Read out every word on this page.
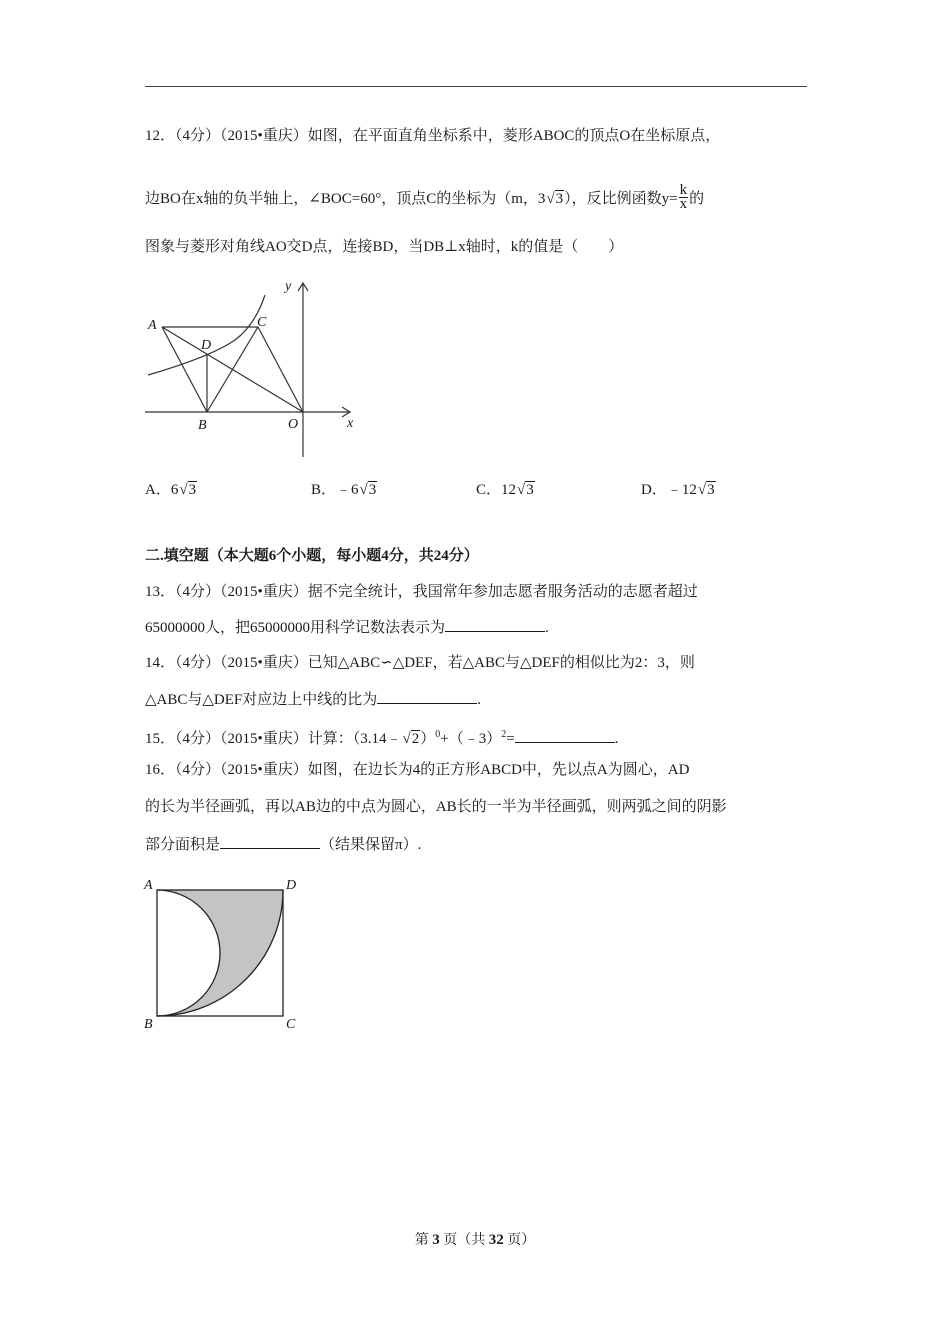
12．（4分）（2015•重庆）如图，在平面直角坐标系中，菱形ABOC的顶点O在坐标原点，
边BO在x轴的负半轴上，∠BOC=60°，顶点C的坐标为（m，3√3），反比例函数$y= \frac{k}{x}$ 的
图象与菱形对角线AO交D点，连接BD，当DB⊥x轴时，k的值是（　　）
y
x
A	C
D
B	O
A．6√3	B．﹣6√3	C．12√3	D．﹣12√3
二.填空题（本大题6个小题，每小题4分，共24分）
13．（4分）（2015•重庆）据不完全统计，我国常年参加志愿者服务活动的志愿者超过
65000000人，把65000000用科学记数法表示为	.
14．（4分）（2015•重庆）已知△ABC∽△DEF，若△ABC与△DEF的相似比为2：3，则
△ABC与△DEF对应边上中线的比为	.
15．（4分）（2015•重庆）计算：（3.14﹣√2）$^0$+（﹣3）$^2$=	.
16．（4分）（2015•重庆）如图，在边长为4的正方形ABCD中，先以点A为圆心，AD
的长为半径画弧，再以AB边的中点为圆心，AB长的一半为半径画弧，则两弧之间的阴影
部分面积是	（结果保留π）.
A	D
B	C
第 3 页（共 32 页）
